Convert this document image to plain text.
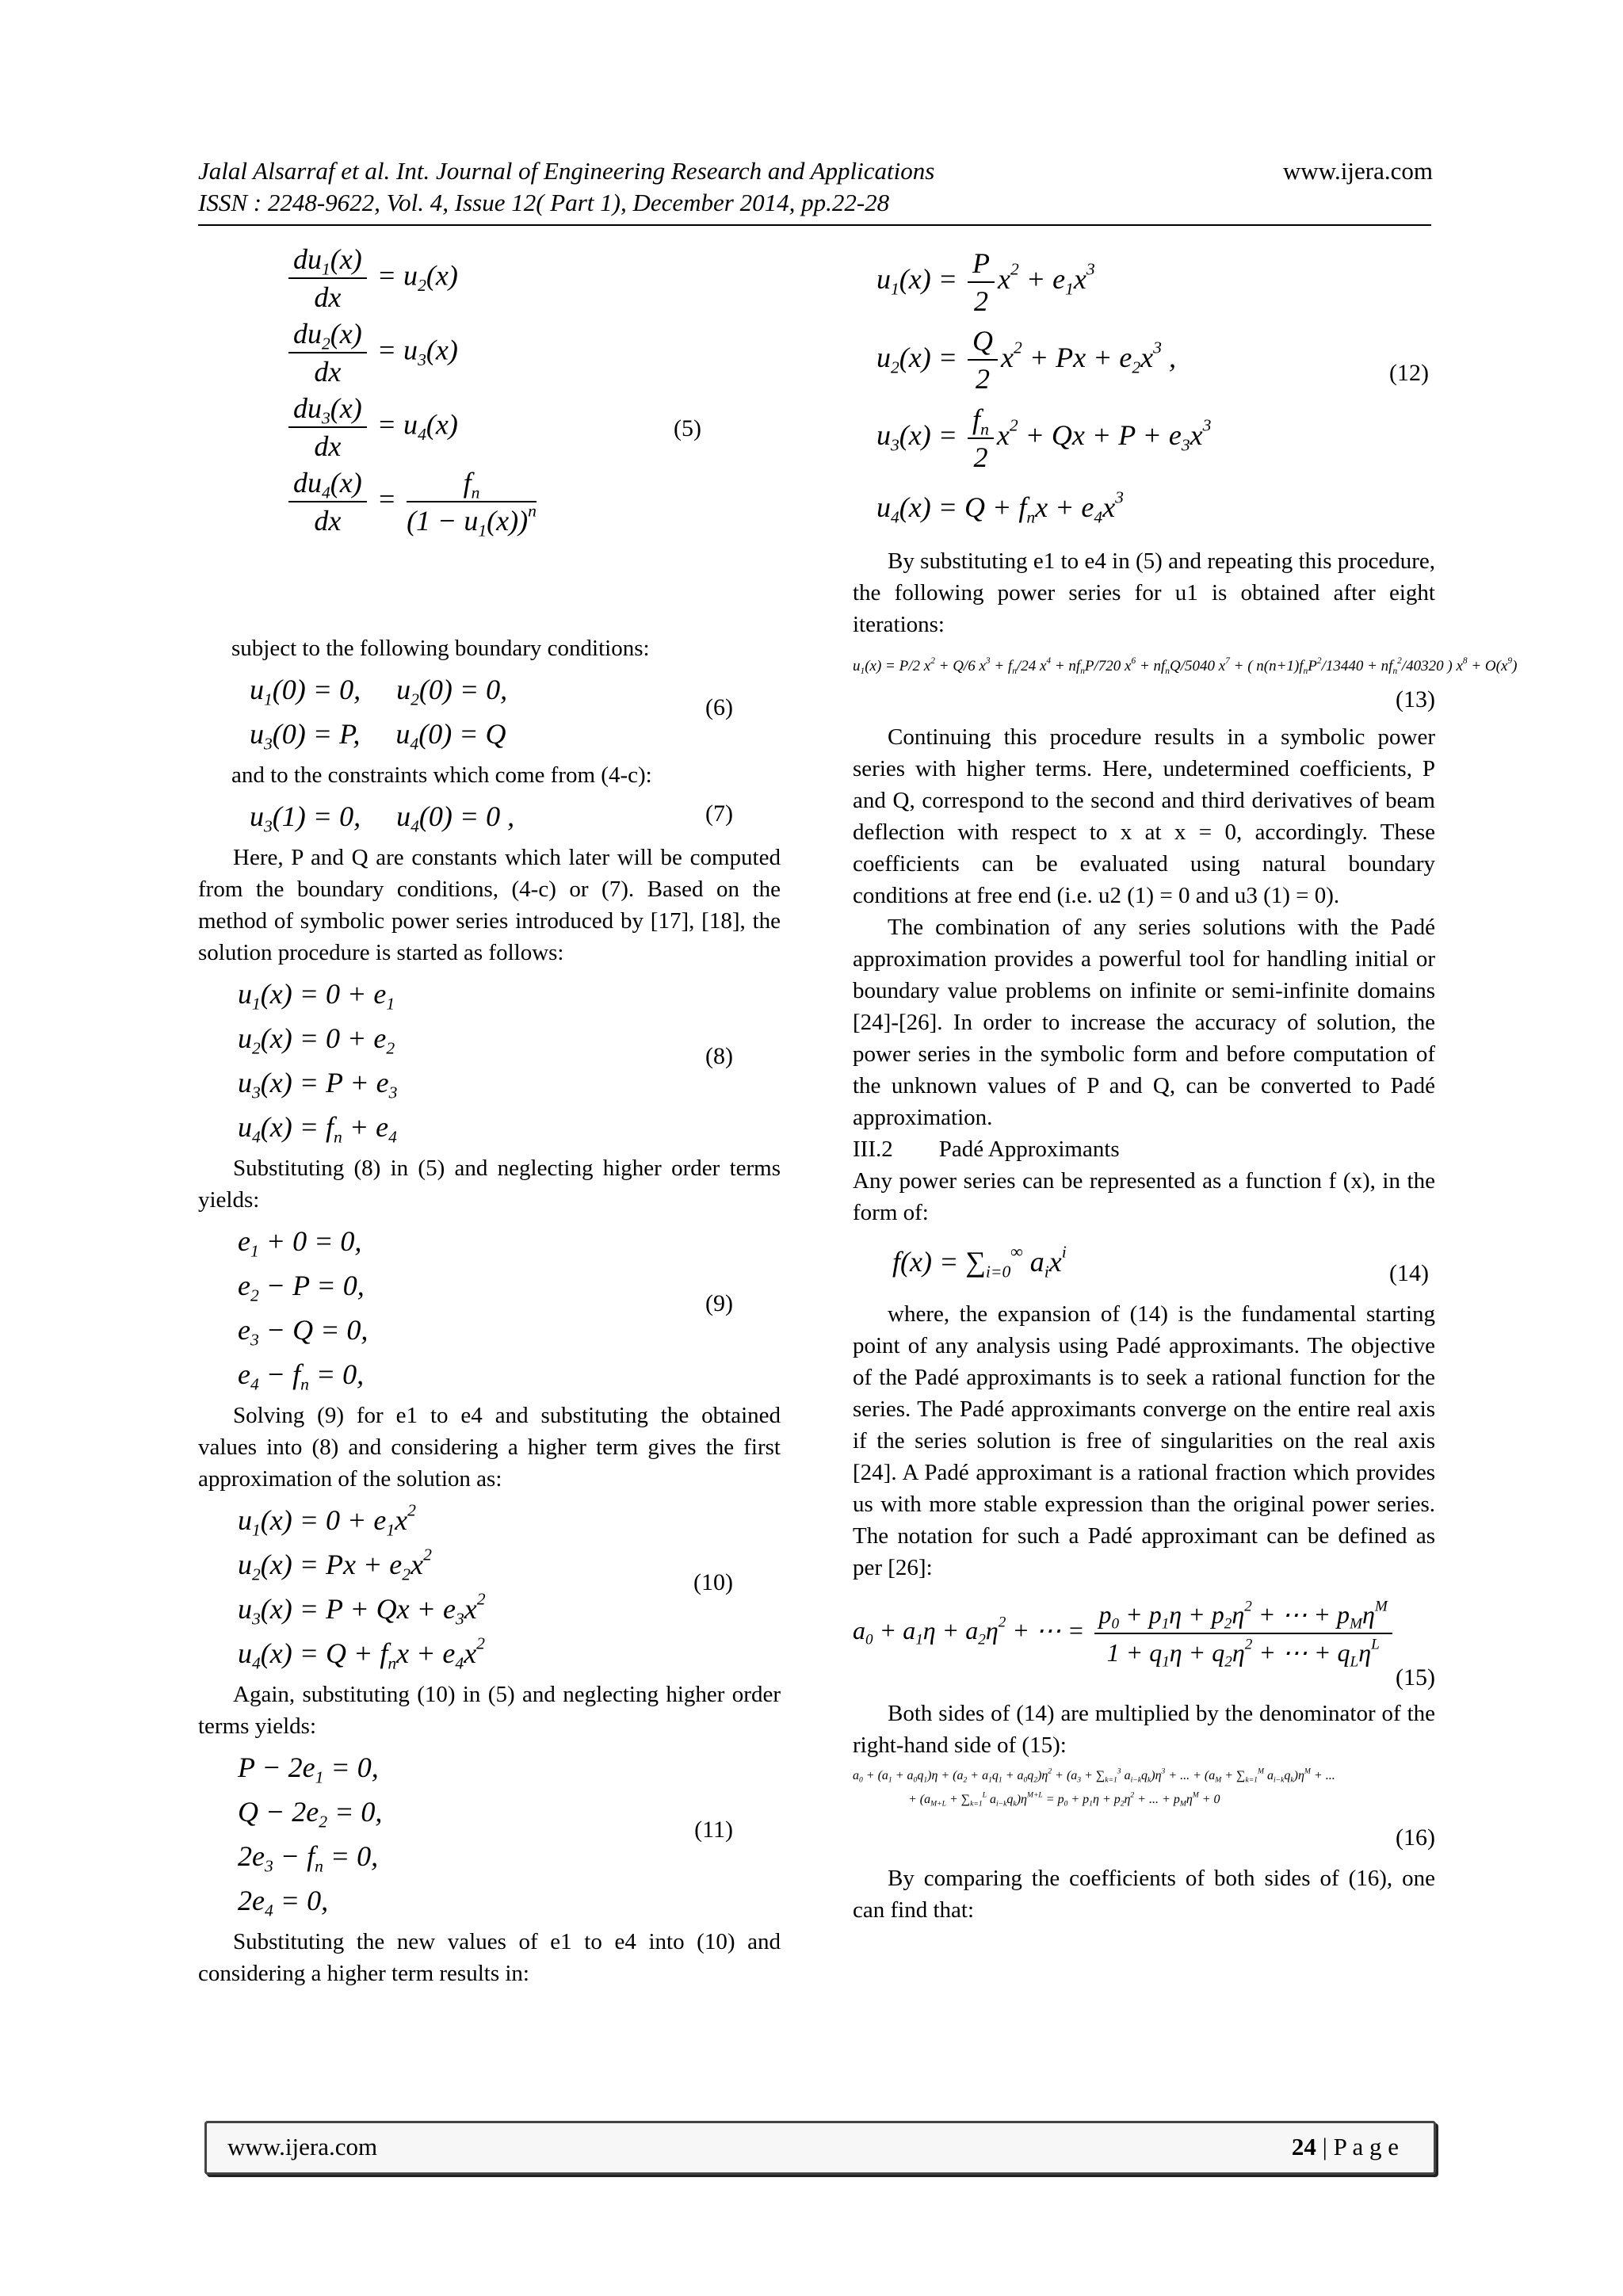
Jalal Alsarraf et al. Int. Journal of Engineering Research and Applications
ISSN : 2248-9622, Vol. 4, Issue 12( Part 1), December 2014, pp.22-28
www.ijera.com
$\frac{du_1(x)}{dx} = u_2(x)$
$\frac{du_2(x)}{dx} = u_3(x)$
$\frac{du_3(x)}{dx} = u_4(x)$
$\frac{du_4(x)}{dx} = \frac{f_n}{(1 - u_1(x))^n}$
(5)

subject to the following boundary conditions:

$u_1(0) = 0$,     $u_2(0) = 0$,
$u_3(0) = P$,     $u_4(0) = Q$
(6)

and to the constraints which come from (4-c):

$u_3(1) = 0$,     $u_4(0) = 0$ ,	(7)

Here, P and Q are constants which later will be computed from the boundary conditions, (4-c) or (7). Based on the method of symbolic power series introduced by [17], [18], the solution procedure is started as follows:

$u_1(x) = 0 + e_1$
$u_2(x) = 0 + e_2$
$u_3(x) = P + e_3$
$u_4(x) = f_n + e_4$
(8)

Substituting (8) in (5) and neglecting higher order terms yields:

$e_1 + 0 = 0$,
$e_2 - P = 0$,
$e_3 - Q = 0$,
$e_4 - f_n = 0$,
(9)

Solving (9) for e1 to e4 and substituting the obtained values into (8) and considering a higher term gives the first approximation of the solution as:

$u_1(x) = 0 + e_1x^2$
$u_2(x) = Px + e_2x^2$
$u_3(x) = P + Qx + e_3x^2$
$u_4(x) = Q + f_nx + e_4x^2$
(10)

Again, substituting (10) in (5) and neglecting higher order terms yields:

$P - 2e_1 = 0$,
$Q - 2e_2 = 0$,
$2e_3 - f_n = 0$,
$2e_4 = 0$,
(11)

Substituting the new values of e1 to e4 into (10) and considering a higher term results in:

$u_1(x) = \frac{P}{2} x^2 + e_1x^3$
$u_2(x) = \frac{Q}{2} x^2 + Px + e_2x^3$ ,
$u_3(x) = \frac{f_n}{2} x^2 + Qx + P + e_3x^3$
$u_4(x) = Q + f_nx + e_4x^3$
(12)

By substituting e1 to e4 in (5) and repeating this procedure, the following power series for u1 is obtained after eight iterations:

$u_1(x) = P/2$ $x^2 + Q/6$ $x^3 + f_n/24$ $x^4 + nf_nP/720$ $x^6 + nf_nQ/5040$ $x^7$ + ( $n(n+1)f_nP^2/13440 + nf_n^2/40320$ ) $x^8 + O(x^9)$
(13)

Continuing this procedure results in a symbolic power series with higher terms. Here, undetermined coefficients, P and Q, correspond to the second and third derivatives of beam deflection with respect to x at x = 0, accordingly. These coefficients can be evaluated using natural boundary conditions at free end (i.e. u2 (1) = 0 and u3 (1) = 0).

The combination of any series solutions with the Padé approximation provides a powerful tool for handling initial or boundary value problems on infinite or semi-infinite domains [24]-[26]. In order to increase the accuracy of solution, the power series in the symbolic form and before computation of the unknown values of P and Q, can be converted to Padé approximation.

III.2 Padé Approximants

Any power series can be represented as a function f (x), in the form of:

$f(x) = \sum_{i=0}^\infty$ $a_ix^i$
(14)

where, the expansion of (14) is the fundamental starting point of any analysis using Padé approximants. The objective of the Padé approximants is to seek a rational function for the series. The Padé approximants converge on the entire real axis if the series solution is free of singularities on the real axis [24]. A Padé approximant is a rational fraction which provides us with more stable expression than the original power series. The notation for such a Padé approximant can be defined as per [26]:

$a_0 + a_1\eta + a_2\eta^2$ + ⋯ = $\frac{p_0 + p_1\eta + p_2\eta^2 + \cdots + p_M\eta^M}{1 + q_1\eta + q_2\eta^2 + \cdots + q_L\eta^L}$
(15)

Both sides of (14) are multiplied by the denominator of the right-hand side of (15):

$a_0 + (a_1 + a_0q_1)\eta + (a_2 + a_1q_1 + a_0q_2)\eta^2 + (a_3 + \sum_{k=1}^3$ $a_{i-k}q_k)\eta^3$ + ... + ($a_M + \sum_{k=1}^M$ $a_{i-k}q_k)\eta^M$ + ...
+ ($a_{M+L} + \sum_{k=1}^L$ $a_{i-k}q_k)\eta^{M+L} = p_0 + p_1\eta + p_2\eta^2$ + ... + $p_M\eta^M + 0$
(16)

By comparing the coefficients of both sides of (16), one can find that:

www.ijera.com	24 | P a g e
